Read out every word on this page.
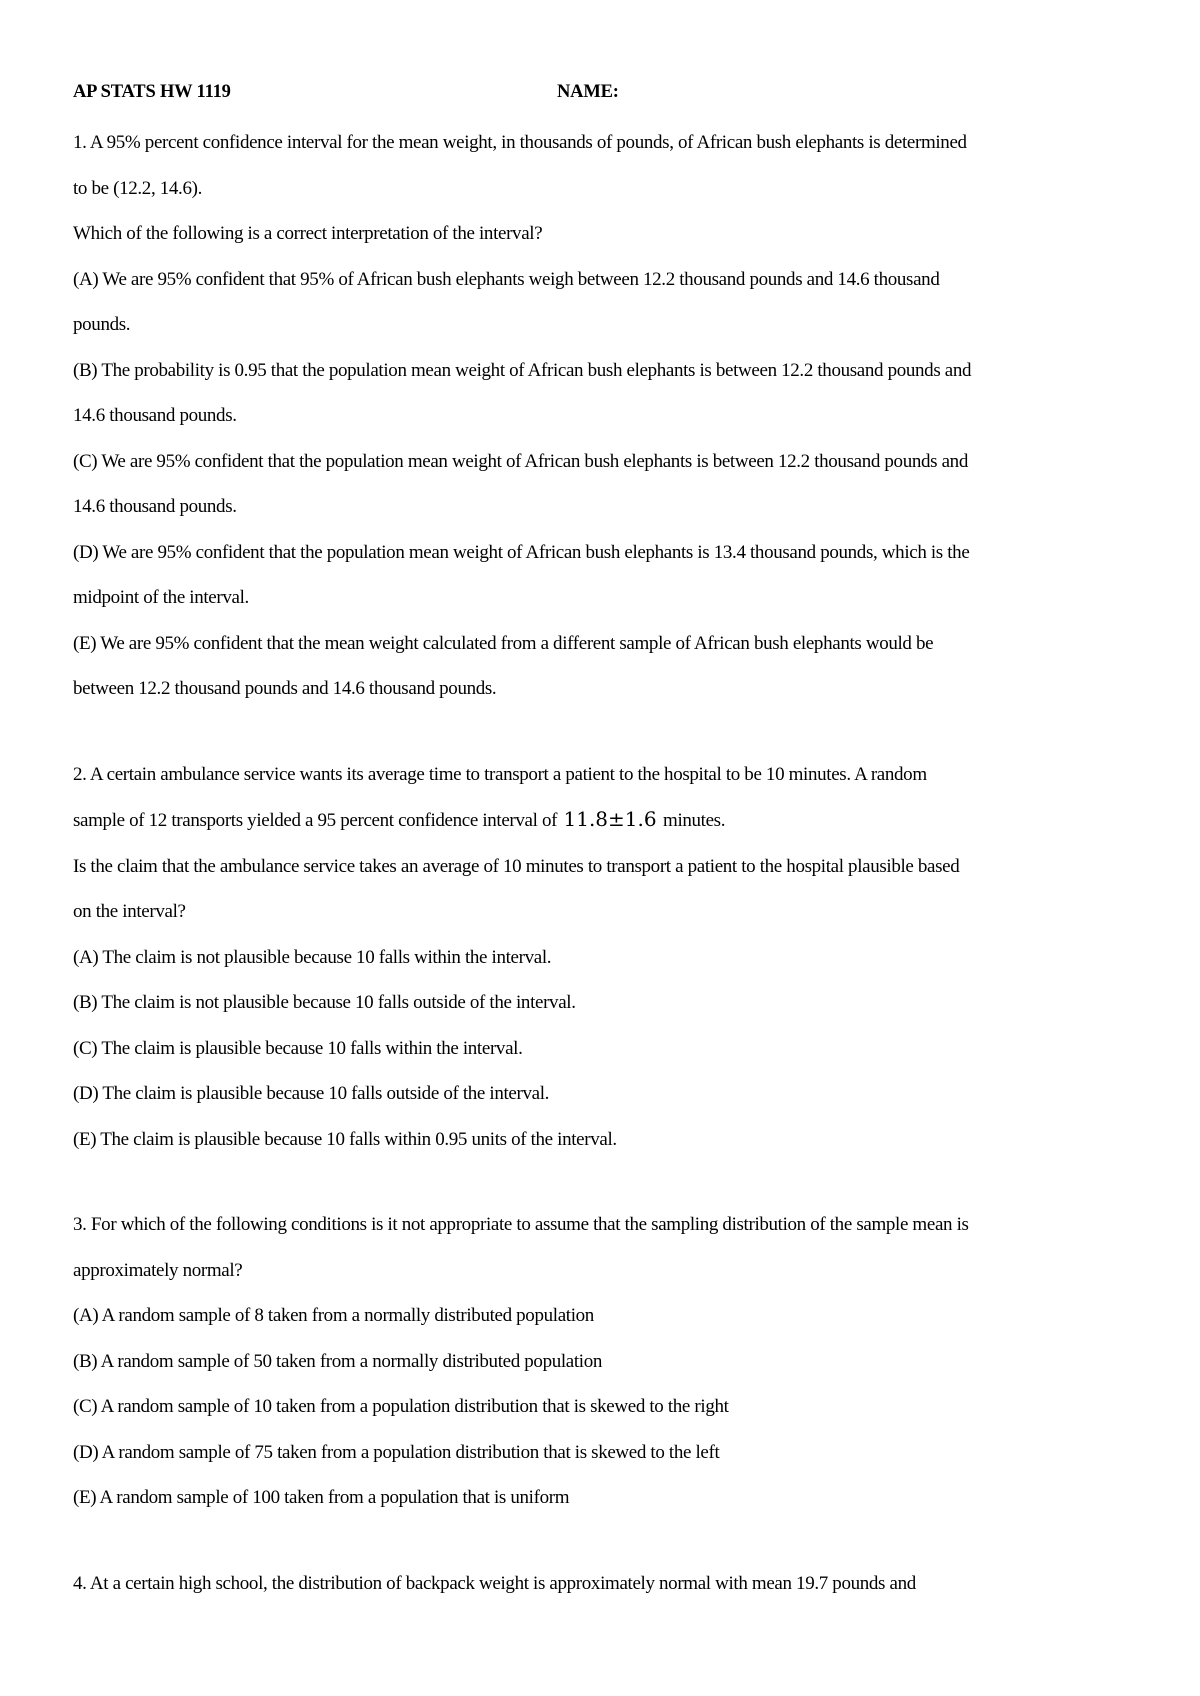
AP STATS HW 1119	NAME:
1. A 95% percent confidence interval for the mean weight, in thousands of pounds, of African bush elephants is determined
to be (12.2, 14.6).
Which of the following is a correct interpretation of the interval?
(A) We are 95% confident that 95% of African bush elephants weigh between 12.2 thousand pounds and 14.6 thousand
pounds.
(B) The probability is 0.95 that the population mean weight of African bush elephants is between 12.2 thousand pounds and
14.6 thousand pounds.
(C) We are 95% confident that the population mean weight of African bush elephants is between 12.2 thousand pounds and
14.6 thousand pounds.
(D) We are 95% confident that the population mean weight of African bush elephants is 13.4 thousand pounds, which is the
midpoint of the interval.
(E) We are 95% confident that the mean weight calculated from a different sample of African bush elephants would be
between 12.2 thousand pounds and 14.6 thousand pounds.
2. A certain ambulance service wants its average time to transport a patient to the hospital to be 10 minutes. A random
sample of 12 transports yielded a 95 percent confidence interval of 11.8±1.6 minutes.
Is the claim that the ambulance service takes an average of 10 minutes to transport a patient to the hospital plausible based
on the interval?
(A) The claim is not plausible because 10 falls within the interval.
(B) The claim is not plausible because 10 falls outside of the interval.
(C) The claim is plausible because 10 falls within the interval.
(D) The claim is plausible because 10 falls outside of the interval.
(E) The claim is plausible because 10 falls within 0.95 units of the interval.
3. For which of the following conditions is it not appropriate to assume that the sampling distribution of the sample mean is
approximately normal?
(A) A random sample of 8 taken from a normally distributed population
(B) A random sample of 50 taken from a normally distributed population
(C) A random sample of 10 taken from a population distribution that is skewed to the right
(D) A random sample of 75 taken from a population distribution that is skewed to the left
(E) A random sample of 100 taken from a population that is uniform
4. At a certain high school, the distribution of backpack weight is approximately normal with mean 19.7 pounds and
